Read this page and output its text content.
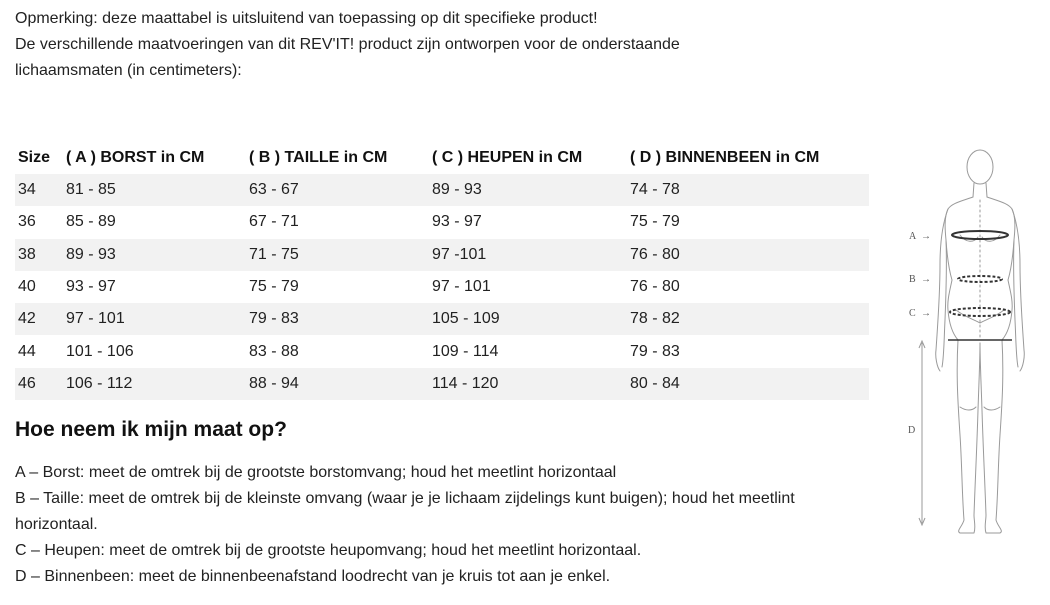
Opmerking: deze maattabel is uitsluitend van toepassing op dit specifieke product!

De verschillende maatvoeringen van dit REV'IT! product zijn ontworpen voor de onderstaande
lichaamsmaten (in centimeters):

Size	( A ) BORST in CM	( B ) TAILLE in CM	( C ) HEUPEN in CM	( D ) BINNENBEEN in CM
34	81 - 85	63 - 67	89 - 93	74 - 78
36	85 - 89	67 - 71	93 - 97	75 - 79
38	89 - 93	71 - 75	97 -101	76 - 80
40	93 - 97	75 - 79	97 - 101	76 - 80
42	97 - 101	79 - 83	105 - 109	78 - 82
44	101 - 106	83 - 88	109 - 114	79 - 83
46	106 - 112	88 - 94	114 - 120	80 - 84
Hoe neem ik mijn maat op?

A – Borst: meet de omtrek bij de grootste borstomvang; houd het meetlint horizontaal

B – Taille: meet de omtrek bij de kleinste omvang (waar je je lichaam zijdelings kunt buigen); houd het meetlint horizontaal.

C – Heupen: meet de omtrek bij de grootste heupomvang; houd het meetlint horizontaal.

D – Binnenbeen: meet de binnenbeenafstand loodrecht van je kruis tot aan je enkel.

A →
B →
C →
D
